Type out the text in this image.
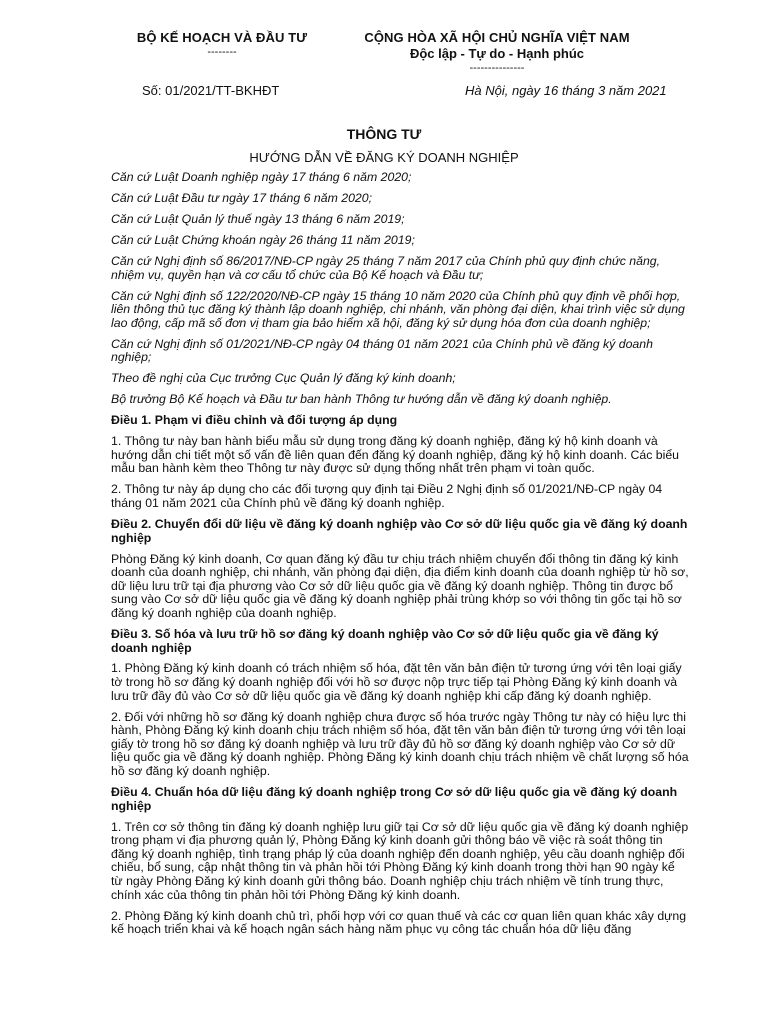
BỘ KẾ HOẠCH VÀ ĐẦU TƯ
--------
CỘNG HÒA XÃ HỘI CHỦ NGHĨA VIỆT NAM
Độc lập - Tự do - Hạnh phúc
---------------
Số: 01/2021/TT-BKHĐT	Hà Nội, ngày 16 tháng 3 năm 2021
THÔNG TƯ
HƯỚNG DẪN VỀ ĐĂNG KÝ DOANH NGHIỆP

Căn cứ Luật Doanh nghiệp ngày 17 tháng 6 năm 2020;

Căn cứ Luật Đầu tư ngày 17 tháng 6 năm 2020;

Căn cứ Luật Quản lý thuế ngày 13 tháng 6 năm 2019;

Căn cứ Luật Chứng khoán ngày 26 tháng 11 năm 2019;

Căn cứ Nghị định số 86/2017/NĐ-CP ngày 25 tháng 7 năm 2017 của Chính phủ quy định chức năng, nhiệm vụ, quyền hạn và cơ cấu tổ chức của Bộ Kế hoạch và Đầu tư;

Căn cứ Nghị định số 122/2020/NĐ-CP ngày 15 tháng 10 năm 2020 của Chính phủ quy định về phối hợp, liên thông thủ tục đăng ký thành lập doanh nghiệp, chi nhánh, văn phòng đại diện, khai trình việc sử dụng lao động, cấp mã số đơn vị tham gia bảo hiểm xã hội, đăng ký sử dụng hóa đơn của doanh nghiệp;

Căn cứ Nghị định số 01/2021/NĐ-CP ngày 04 tháng 01 năm 2021 của Chính phủ về đăng ký doanh nghiệp;

Theo đề nghị của Cục trưởng Cục Quản lý đăng ký kinh doanh;

Bộ trưởng Bộ Kế hoạch và Đầu tư ban hành Thông tư hướng dẫn về đăng ký doanh nghiệp.

Điều 1. Phạm vi điều chỉnh và đối tượng áp dụng

1. Thông tư này ban hành biểu mẫu sử dụng trong đăng ký doanh nghiệp, đăng ký hộ kinh doanh và hướng dẫn chi tiết một số vấn đề liên quan đến đăng ký doanh nghiệp, đăng ký hộ kinh doanh. Các biểu mẫu ban hành kèm theo Thông tư này được sử dụng thống nhất trên phạm vi toàn quốc.

2. Thông tư này áp dụng cho các đối tượng quy định tại Điều 2 Nghị định số 01/2021/NĐ-CP ngày 04 tháng 01 năm 2021 của Chính phủ về đăng ký doanh nghiệp.

Điều 2. Chuyển đổi dữ liệu về đăng ký doanh nghiệp vào Cơ sở dữ liệu quốc gia về đăng ký doanh nghiệp

Phòng Đăng ký kinh doanh, Cơ quan đăng ký đầu tư chịu trách nhiệm chuyển đổi thông tin đăng ký kinh doanh của doanh nghiệp, chi nhánh, văn phòng đại diện, địa điểm kinh doanh của doanh nghiệp từ hồ sơ, dữ liệu lưu trữ tại địa phương vào Cơ sở dữ liệu quốc gia về đăng ký doanh nghiệp. Thông tin được bổ sung vào Cơ sở dữ liệu quốc gia về đăng ký doanh nghiệp phải trùng khớp so với thông tin gốc tại hồ sơ đăng ký doanh nghiệp của doanh nghiệp.

Điều 3. Số hóa và lưu trữ hồ sơ đăng ký doanh nghiệp vào Cơ sở dữ liệu quốc gia về đăng ký doanh nghiệp

1. Phòng Đăng ký kinh doanh có trách nhiệm số hóa, đặt tên văn bản điện tử tương ứng với tên loại giấy tờ trong hồ sơ đăng ký doanh nghiệp đối với hồ sơ được nộp trực tiếp tại Phòng Đăng ký kinh doanh và lưu trữ đầy đủ vào Cơ sở dữ liệu quốc gia về đăng ký doanh nghiệp khi cấp đăng ký doanh nghiệp.

2. Đối với những hồ sơ đăng ký doanh nghiệp chưa được số hóa trước ngày Thông tư này có hiệu lực thi hành, Phòng Đăng ký kinh doanh chịu trách nhiệm số hóa, đặt tên văn bản điện tử tương ứng với tên loại giấy tờ trong hồ sơ đăng ký doanh nghiệp và lưu trữ đầy đủ hồ sơ đăng ký doanh nghiệp vào Cơ sở dữ liệu quốc gia về đăng ký doanh nghiệp. Phòng Đăng ký kinh doanh chịu trách nhiệm về chất lượng số hóa hồ sơ đăng ký doanh nghiệp.

Điều 4. Chuẩn hóa dữ liệu đăng ký doanh nghiệp trong Cơ sở dữ liệu quốc gia về đăng ký doanh nghiệp

1. Trên cơ sở thông tin đăng ký doanh nghiệp lưu giữ tại Cơ sở dữ liệu quốc gia về đăng ký doanh nghiệp trong phạm vi địa phương quản lý, Phòng Đăng ký kinh doanh gửi thông báo về việc rà soát thông tin đăng ký doanh nghiệp, tình trạng pháp lý của doanh nghiệp đến doanh nghiệp, yêu cầu doanh nghiệp đối chiếu, bổ sung, cập nhật thông tin và phản hồi tới Phòng Đăng ký kinh doanh trong thời hạn 90 ngày kể từ ngày Phòng Đăng ký kinh doanh gửi thông báo. Doanh nghiệp chịu trách nhiệm về tính trung thực, chính xác của thông tin phản hồi tới Phòng Đăng ký kinh doanh.

2. Phòng Đăng ký kinh doanh chủ trì, phối hợp với cơ quan thuế và các cơ quan liên quan khác xây dựng kế hoạch triển khai và kế hoạch ngân sách hàng năm phục vụ công tác chuẩn hóa dữ liệu đăng
